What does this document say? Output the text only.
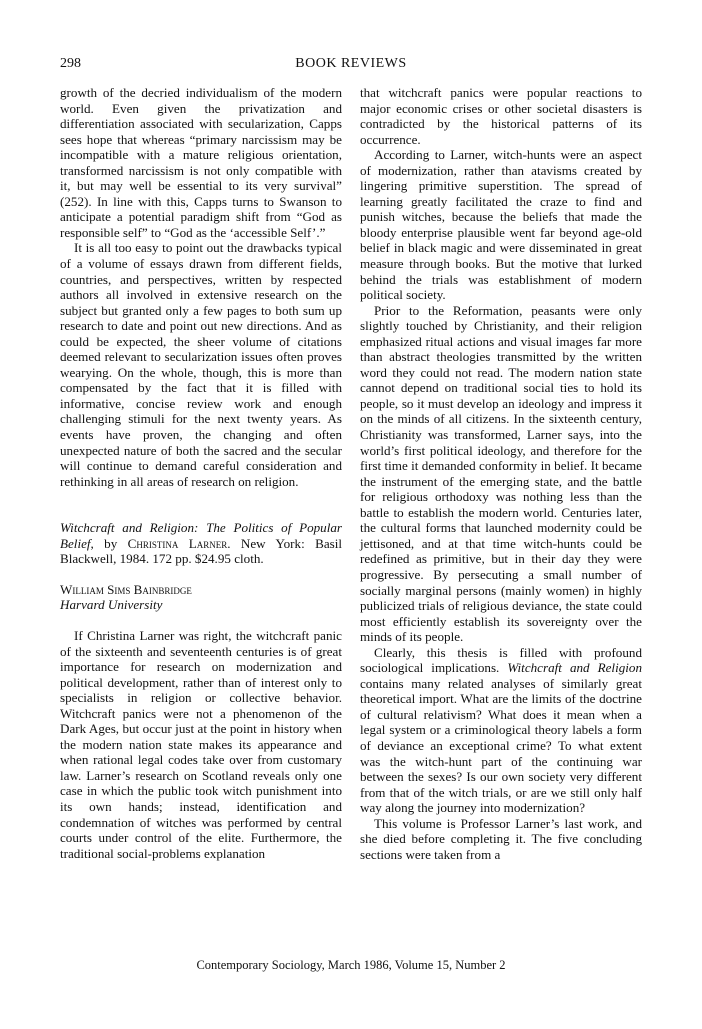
298	BOOK REVIEWS

growth of the decried individualism of the modern world. Even given the privatization and differentiation associated with secularization, Capps sees hope that whereas “primary narcissism may be incompatible with a mature religious orientation, transformed narcissism is not only compatible with it, but may well be essential to its very survival” (252). In line with this, Capps turns to Swanson to anticipate a potential paradigm shift from “God as responsible self” to “God as the ‘accessible Self’.”

It is all too easy to point out the drawbacks typical of a volume of essays drawn from different fields, countries, and perspectives, written by respected authors all involved in extensive research on the subject but granted only a few pages to both sum up research to date and point out new directions. And as could be expected, the sheer volume of citations deemed relevant to secularization issues often proves wearying. On the whole, though, this is more than compensated by the fact that it is filled with informative, concise review work and enough challenging stimuli for the next twenty years. As events have proven, the changing and often unexpected nature of both the sacred and the secular will continue to demand careful consideration and rethinking in all areas of research on religion.

Witchcraft and Religion: The Politics of Popular Belief, by Christina Larner. New York: Basil Blackwell, 1984. 172 pp. $24.95 cloth.

William Sims Bainbridge

Harvard University

If Christina Larner was right, the witchcraft panic of the sixteenth and seventeenth centuries is of great importance for research on modernization and political development, rather than of interest only to specialists in religion or collective behavior. Witchcraft panics were not a phenomenon of the Dark Ages, but occur just at the point in history when the modern nation state makes its appearance and when rational legal codes take over from customary law. Larner’s research on Scotland reveals only one case in which the public took witch punishment into its own hands; instead, identification and condemnation of witches was performed by central courts under control of the elite. Furthermore, the traditional social-problems explanation

that witchcraft panics were popular reactions to major economic crises or other societal disasters is contradicted by the historical patterns of its occurrence.

According to Larner, witch-hunts were an aspect of modernization, rather than atavisms created by lingering primitive superstition. The spread of learning greatly facilitated the craze to find and punish witches, because the beliefs that made the bloody enterprise plausible went far beyond age-old belief in black magic and were disseminated in great measure through books. But the motive that lurked behind the trials was establishment of modern political society.

Prior to the Reformation, peasants were only slightly touched by Christianity, and their religion emphasized ritual actions and visual images far more than abstract theologies transmitted by the written word they could not read. The modern nation state cannot depend on traditional social ties to hold its people, so it must develop an ideology and impress it on the minds of all citizens. In the sixteenth century, Christianity was transformed, Larner says, into the world’s first political ideology, and therefore for the first time it demanded conformity in belief. It became the instrument of the emerging state, and the battle for religious orthodoxy was nothing less than the battle to establish the modern world. Centuries later, the cultural forms that launched modernity could be jettisoned, and at that time witch-hunts could be redefined as primitive, but in their day they were progressive. By persecuting a small number of socially marginal persons (mainly women) in highly publicized trials of religious deviance, the state could most efficiently establish its sovereignty over the minds of its people.

Clearly, this thesis is filled with profound sociological implications. Witchcraft and Religion contains many related analyses of similarly great theoretical import. What are the limits of the doctrine of cultural relativism? What does it mean when a legal system or a criminological theory labels a form of deviance an exceptional crime? To what extent was the witch-hunt part of the continuing war between the sexes? Is our own society very different from that of the witch trials, or are we still only half way along the journey into modernization?

This volume is Professor Larner’s last work, and she died before completing it. The five concluding sections were taken from a

Contemporary Sociology, March 1986, Volume 15, Number 2
